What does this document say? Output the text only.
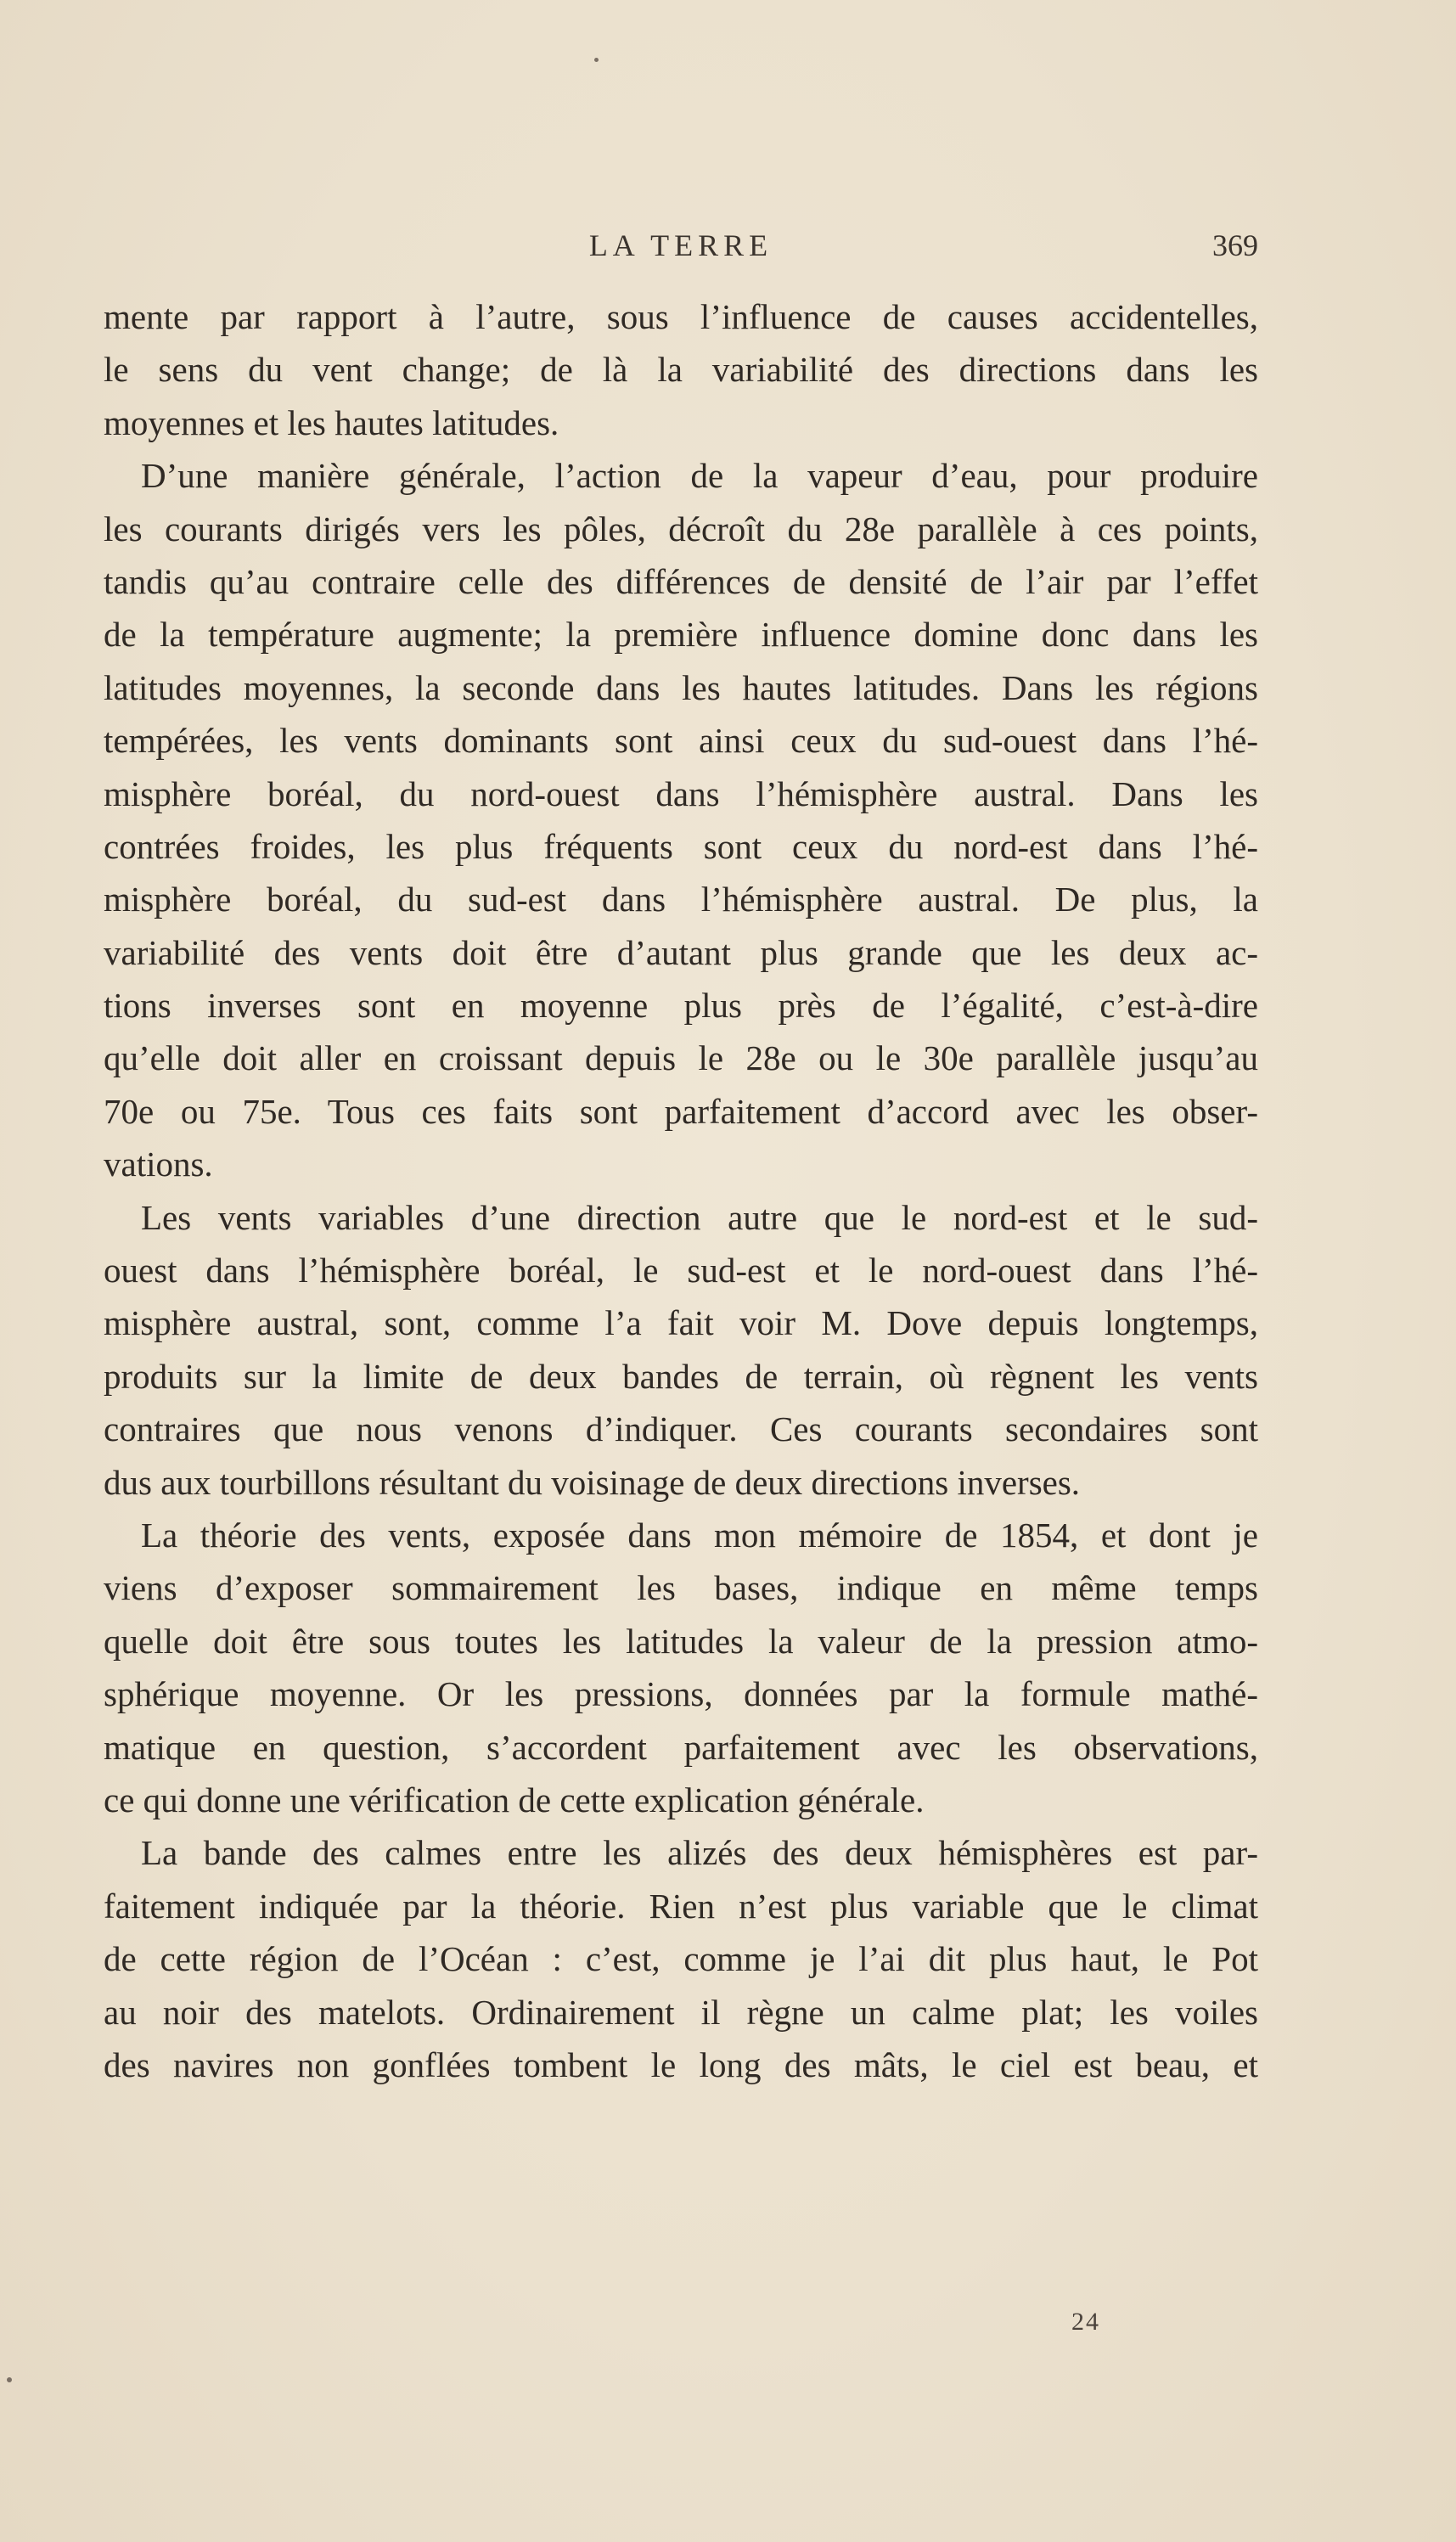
LA TERRE	369
mente par rapport à l’autre, sous l’influence de causes accidentelles,
le sens du vent change; de là la variabilité des directions dans les
moyennes et les hautes latitudes.
D’une manière générale, l’action de la vapeur d’eau, pour produire
les courants dirigés vers les pôles, décroît du 28e parallèle à ces points,
tandis qu’au contraire celle des différences de densité de l’air par l’effet
de la température augmente; la première influence domine donc dans les
latitudes moyennes, la seconde dans les hautes latitudes. Dans les régions
tempérées, les vents dominants sont ainsi ceux du sud-ouest dans l’hé-
misphère boréal, du nord-ouest dans l’hémisphère austral. Dans les
contrées froides, les plus fréquents sont ceux du nord-est dans l’hé-
misphère boréal, du sud-est dans l’hémisphère austral. De plus, la
variabilité des vents doit être d’autant plus grande que les deux ac-
tions inverses sont en moyenne plus près de l’égalité, c’est-à-dire
qu’elle doit aller en croissant depuis le 28e ou le 30e parallèle jusqu’au
70e ou 75e. Tous ces faits sont parfaitement d’accord avec les obser-
vations.
Les vents variables d’une direction autre que le nord-est et le sud-
ouest dans l’hémisphère boréal, le sud-est et le nord-ouest dans l’hé-
misphère austral, sont, comme l’a fait voir M. Dove depuis longtemps,
produits sur la limite de deux bandes de terrain, où règnent les vents
contraires que nous venons d’indiquer. Ces courants secondaires sont
dus aux tourbillons résultant du voisinage de deux directions inverses.
La théorie des vents, exposée dans mon mémoire de 1854, et dont je
viens d’exposer sommairement les bases, indique en même temps
quelle doit être sous toutes les latitudes la valeur de la pression atmo-
sphérique moyenne. Or les pressions, données par la formule mathé-
matique en question, s’accordent parfaitement avec les observations,
ce qui donne une vérification de cette explication générale.
La bande des calmes entre les alizés des deux hémisphères est par-
faitement indiquée par la théorie. Rien n’est plus variable que le climat
de cette région de l’Océan : c’est, comme je l’ai dit plus haut, le Pot
au noir des matelots. Ordinairement il règne un calme plat; les voiles
des navires non gonflées tombent le long des mâts, le ciel est beau, et
24
